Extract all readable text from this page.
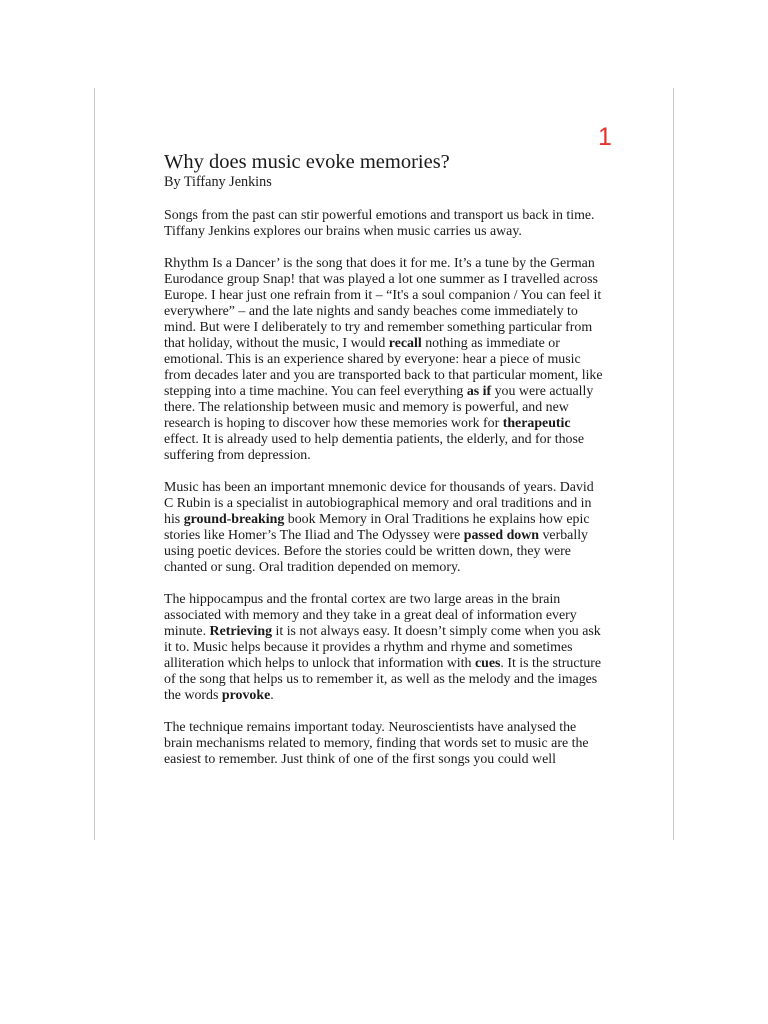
1
Why does music evoke memories?

By Tiffany Jenkins

Songs from the past can stir powerful emotions and transport us back in time. Tiffany Jenkins explores our brains when music carries us away.

Rhythm Is a Dancer’ is the song that does it for me. It’s a tune by the German Eurodance group Snap! that was played a lot one summer as I travelled across Europe. I hear just one refrain from it – “It's a soul companion / You can feel it everywhere” – and the late nights and sandy beaches come immediately to mind. But were I deliberately to try and remember something particular from that holiday, without the music, I would recall nothing as immediate or emotional. This is an experience shared by everyone: hear a piece of music from decades later and you are transported back to that particular moment, like stepping into a time machine. You can feel everything as if you were actually there. The relationship between music and memory is powerful, and new research is hoping to discover how these memories work for therapeutic effect. It is already used to help dementia patients, the elderly, and for those suffering from depression.

Music has been an important mnemonic device for thousands of years. David C Rubin is a specialist in autobiographical memory and oral traditions and in his ground-breaking book Memory in Oral Traditions he explains how epic stories like Homer’s The Iliad and The Odyssey were passed down verbally using poetic devices. Before the stories could be written down, they were chanted or sung. Oral tradition depended on memory.

The hippocampus and the frontal cortex are two large areas in the brain associated with memory and they take in a great deal of information every minute. Retrieving it is not always easy. It doesn’t simply come when you ask it to. Music helps because it provides a rhythm and rhyme and sometimes alliteration which helps to unlock that information with cues. It is the structure of the song that helps us to remember it, as well as the melody and the images the words provoke.

The technique remains important today. Neuroscientists have analysed the brain mechanisms related to memory, finding that words set to music are the easiest to remember. Just think of one of the first songs you could well
